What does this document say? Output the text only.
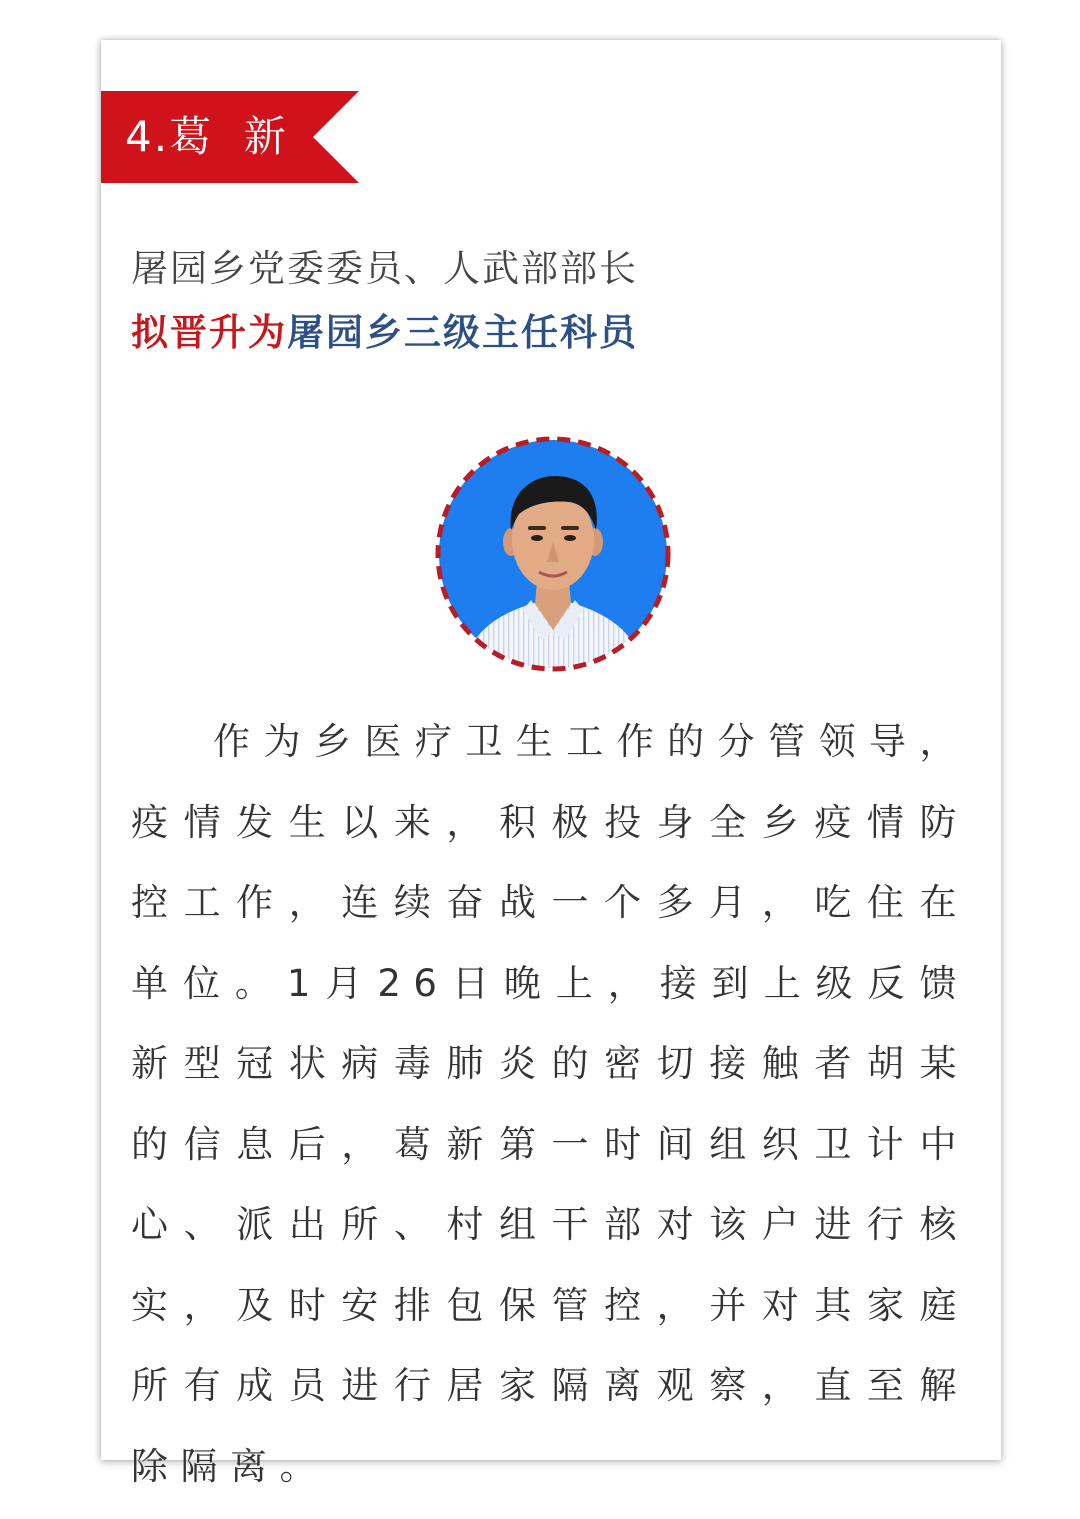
4.葛  新
屠园乡党委委员、人武部部长
拟晋升为屠园乡三级主任科员

作为乡医疗卫生工作的分管领导，疫情发生以来，积极投身全乡疫情防控工作，连续奋战一个多月，吃住在单位。1月26日晚上，接到上级反馈新型冠状病毒肺炎的密切接触者胡某的信息后，葛新第一时间组织卫计中心、派出所、村组干部对该户进行核实，及时安排包保管控，并对其家庭所有成员进行居家隔离观察，直至解除隔离。
